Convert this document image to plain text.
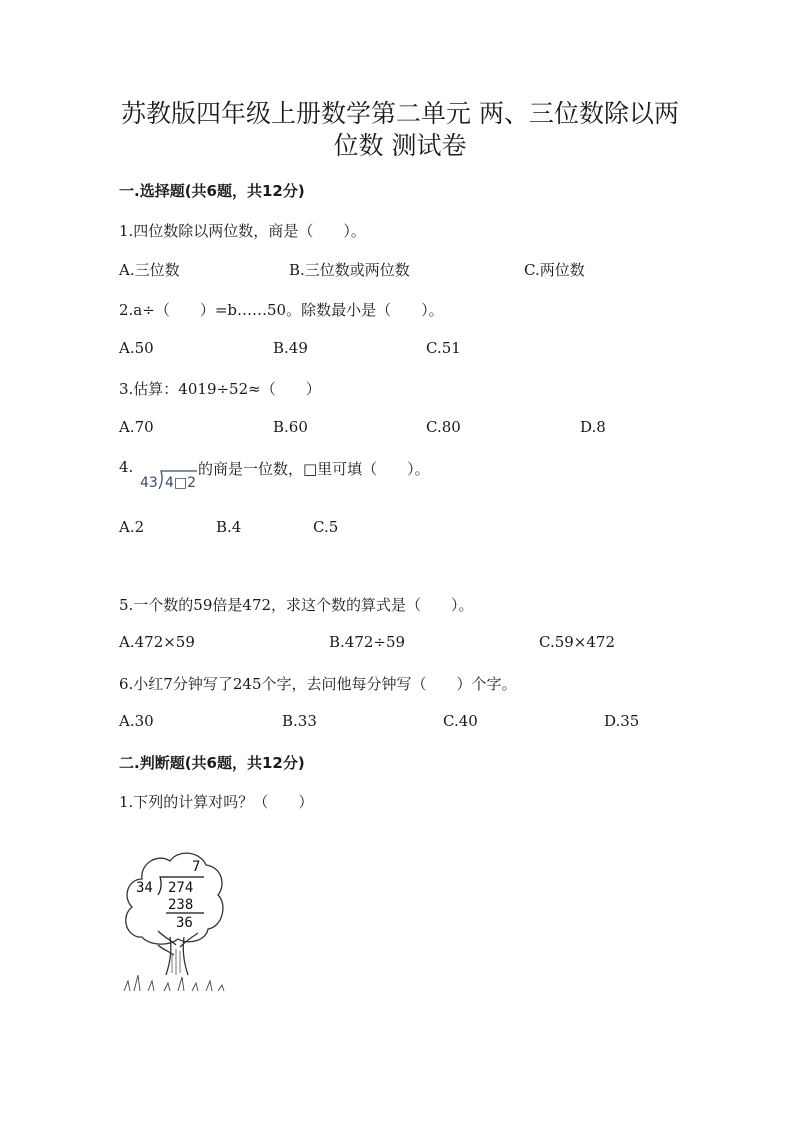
苏教版四年级上册数学第二单元 两、三位数除以两
位数 测试卷
一.选择题(共6题，共12分)
1.四位数除以两位数，商是（　　）。
A.三位数	B.三位数或两位数	C.两位数
2.a÷（　　）=b……50。除数最小是（　　）。
A.50	B.49	C.51
3.估算：4019÷52≈（　　）
A.70	B.60	C.80	D.8
4.
43 4□2
的商是一位数，□里可填（　　）。
A.2	B.4	C.5
5.一个数的59倍是472，求这个数的算式是（　　）。
A.472×59	B.472÷59	C.59×472
6.小红7分钟写了245个字，去问他每分钟写（　　）个字。
A.30	B.33	C.40	D.35
二.判断题(共6题，共12分)
1.下列的计算对吗？（　　）
7
34 274
238
36
